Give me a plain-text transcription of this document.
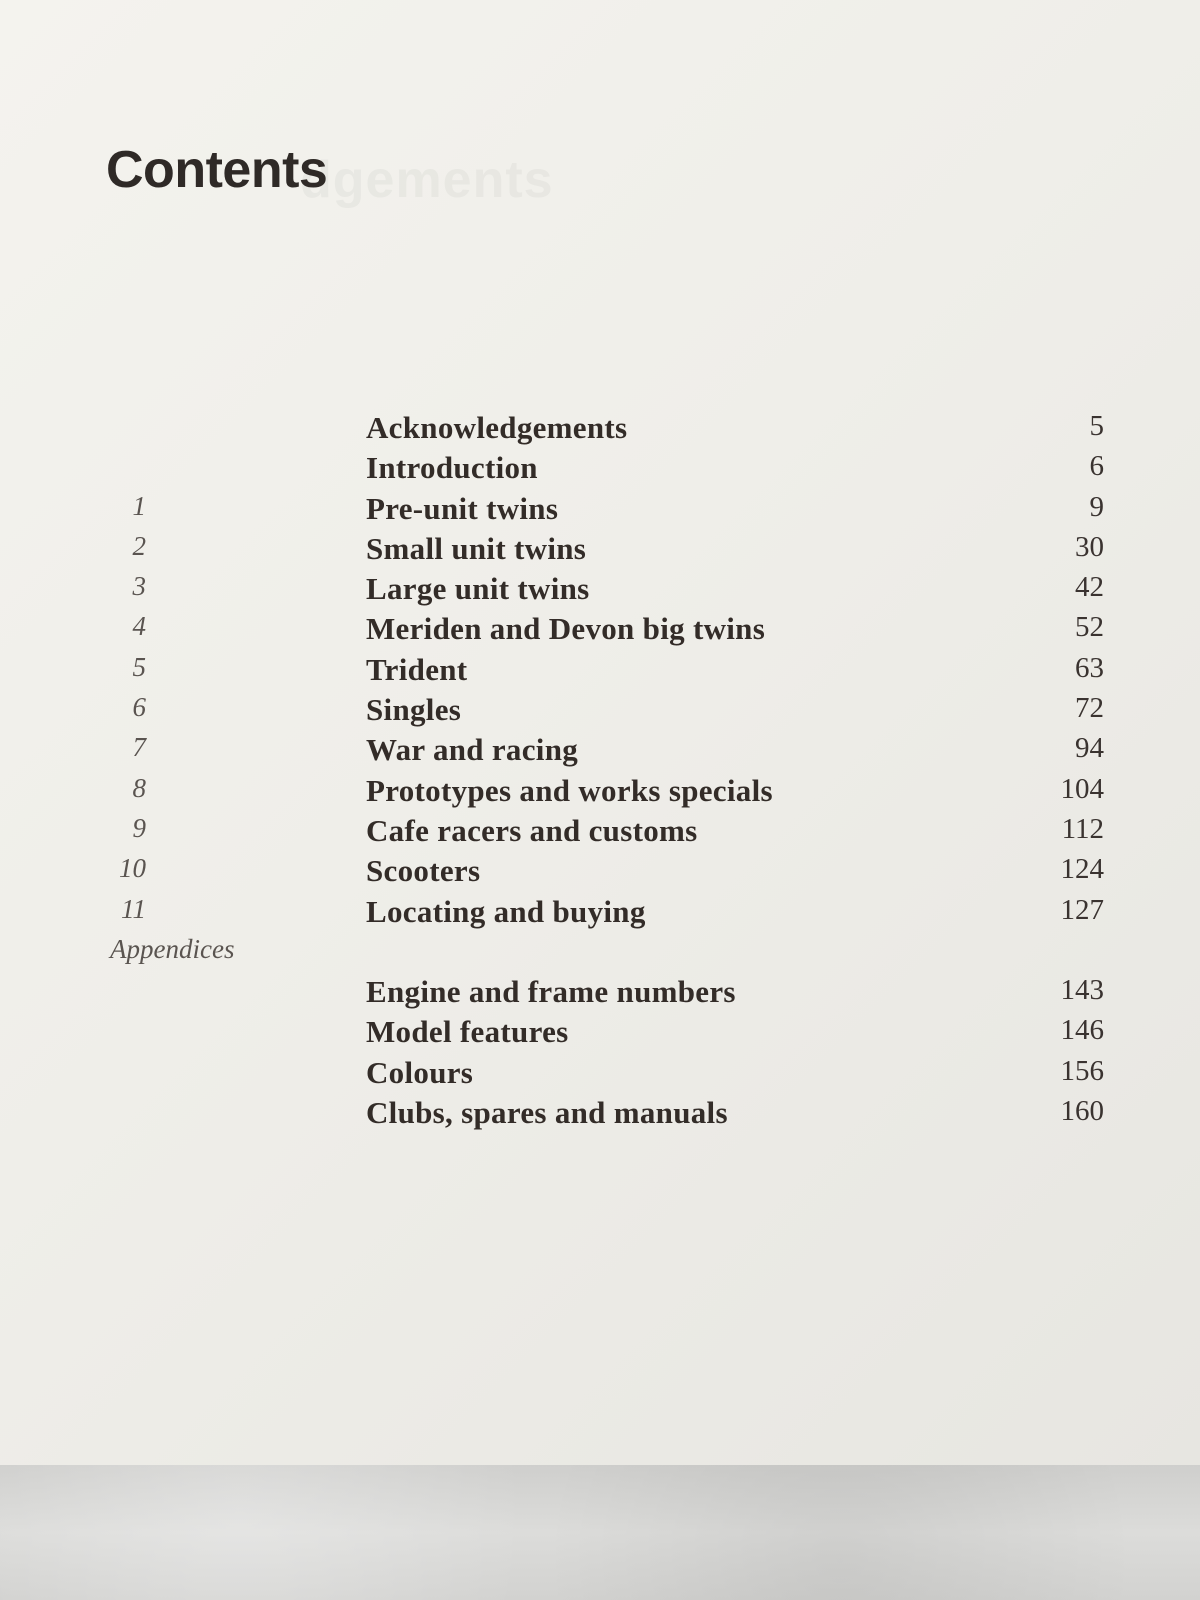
dgements
Contents
Acknowledgements	5
Introduction	6
1	Pre-unit twins	9
2	Small unit twins	30
3	Large unit twins	42
4	Meriden and Devon big twins	52
5	Trident	63
6	Singles	72
7	War and racing	94
8	Prototypes and works specials	104
9	Cafe racers and customs	112
10	Scooters	124
11	Locating and buying	127
Appendices
Engine and frame numbers	143
Model features	146
Colours	156
Clubs, spares and manuals	160
